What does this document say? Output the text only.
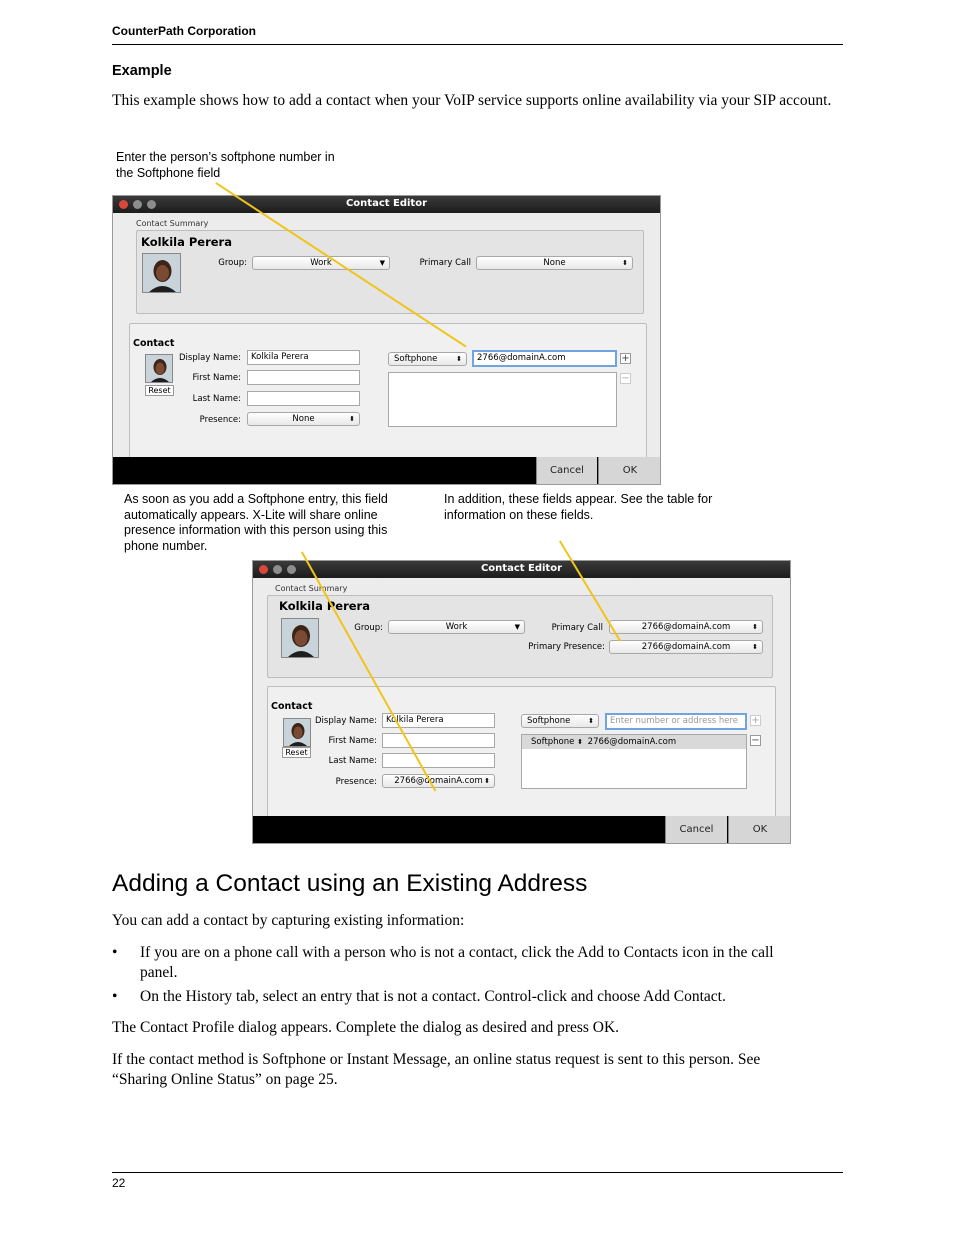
CounterPath Corporation
Example
This example shows how to add a contact when your VoIP service supports online availability via your SIP account.
Enter the person’s softphone number in
the Softphone field
Contact Editor
Contact Summary
Kolkila Perera
Group:	Work	▼	Primary Call	None	⬍
Contact
Reset
Display Name:	Kolkila Perera
First Name:
Last Name:
Presence:	None	⬍
Softphone	⬍	2766@domainA.com	+
−
Cancel	OK
As soon as you add a Softphone entry, this field
automatically appears. X-Lite will share online
presence information with this person using this
phone number.
In addition, these fields appear. See the table for
information on these fields.
Contact Editor
Contact Summary
Kolkila Perera
Group:	Work	▼	Primary Call	2766@domainA.com	⬍
Primary Presence:	2766@domainA.com	⬍
Contact
Reset
Display Name:	Kolkila Perera
First Name:
Last Name:
Presence:	2766@domainA.com ⬍
Softphone	⬍	Enter number or address here	+
Softphone ⬍ 2766@domainA.com	−
Cancel	OK
Adding a Contact using an Existing Address
You can add a contact by capturing existing information:
• If you are on a phone call with a person who is not a contact, click the Add to Contacts icon in the call
panel.
• On the History tab, select an entry that is not a contact. Control-click and choose Add Contact.
The Contact Profile dialog appears. Complete the dialog as desired and press OK.
If the contact method is Softphone or Instant Message, an online status request is sent to this person. See
“Sharing Online Status” on page 25.
22
